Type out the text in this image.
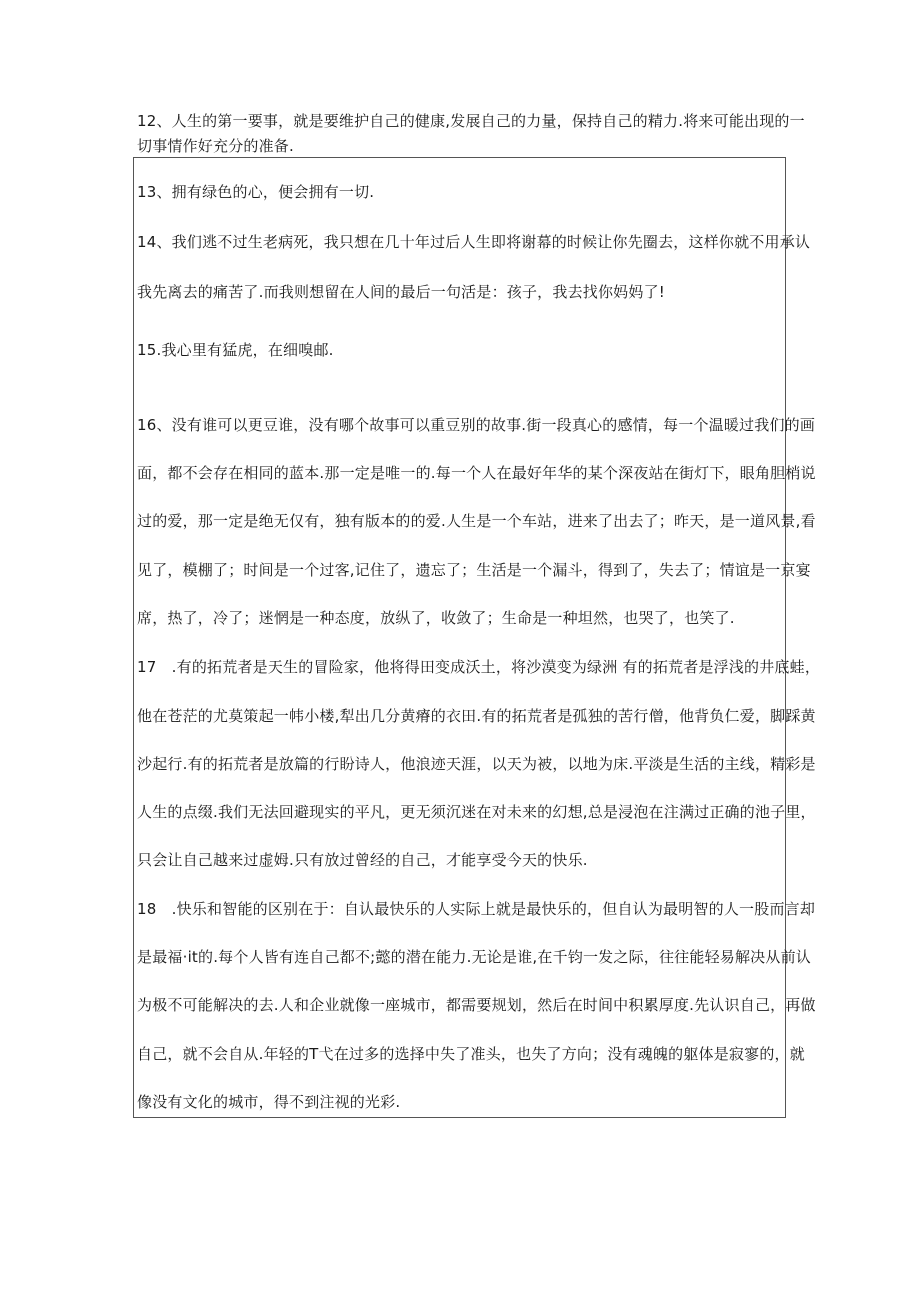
12、人生的第一要事，就是要维护自己的健康,发展自己的力量，保持自己的精力.将来可能出现的一
切事情作好充分的准备.
13、拥有绿色的心，便会拥有一切.
14、我们逃不过生老病死，我只想在几十年过后人生即将谢幕的时候让你先圈去，这样你就不用承认
我先离去的痛苦了.而我则想留在人间的最后一句活是：孩子，我去找你妈妈了!
15.我心里有猛虎，在细嗅邮.
16、没有谁可以更豆谁，没有哪个故事可以重豆别的故事.街一段真心的感情，每一个温暖过我们的画
面，都不会存在相同的蓝本.那一定是唯一的.每一个人在最好年华的某个深夜站在街灯下，眼角胆梢说
过的爱，那一定是绝无仅有，独有版本的的爱.人生是一个车站，进来了出去了；昨天，是一道风景,看
见了，模棚了；时间是一个过客,记住了，遗忘了；生活是一个漏斗，得到了，失去了；情谊是一京宴
席，热了，冷了；迷惘是一种态度，放纵了，收敛了；生命是一种坦然，也哭了，也笑了.
17　.有的拓荒者是天生的冒险家，他将得田变成沃土，将沙漠变为绿洲 有的拓荒者是浮浅的井底蛙，
他在苍茫的尤莫策起一帏小楼,犁出几分黄瘠的衣田.有的拓荒者是孤独的苦行僧，他背负仁爱，脚踩黄
沙起行.有的拓荒者是放篇的行盼诗人，他浪迹天涯，以天为被，以地为床.平淡是生活的主线，精彩是
人生的点缀.我们无法回避现实的平凡，更无须沉迷在对未来的幻想,总是浸泡在注满过正确的池子里，
只会让自己越来过虚姆.只有放过曾经的自己，才能享受今天的快乐.
18　.快乐和智能的区别在于：自认最快乐的人实际上就是最快乐的，但自认为最明智的人一股而言却
是最福·it的.每个人皆有连自己都不;懿的潜在能力.无论是谁,在千钧一发之际，往往能轻易解决从前认
为极不可能解决的去.人和企业就像一座城市，都需要规划，然后在时间中积累厚度.先认识自己，再做
自己，就不会自从.年轻的T弋在过多的选择中失了准头，也失了方向；没有魂魄的躯体是寂寥的，就
像没有文化的城市，得不到注视的光彩.
